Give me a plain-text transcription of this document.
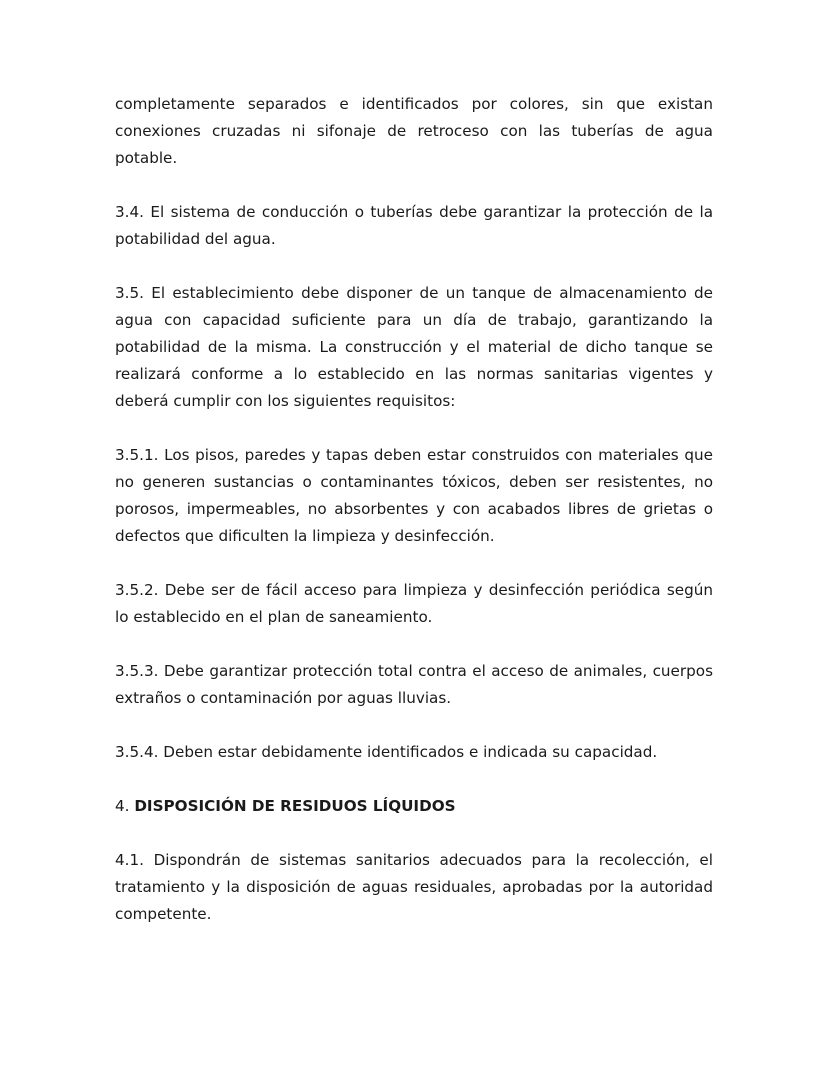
completamente separados e identificados por colores, sin que existan conexiones cruzadas ni sifonaje de retroceso con las tuberías de agua potable.

3.4. El sistema de conducción o tuberías debe garantizar la protección de la potabilidad del agua.

3.5. El establecimiento debe disponer de un tanque de almacenamiento de agua con capacidad suficiente para un día de trabajo, garantizando la potabilidad de la misma. La construcción y el material de dicho tanque se realizará conforme a lo establecido en las normas sanitarias vigentes y deberá cumplir con los siguientes requisitos:

3.5.1. Los pisos, paredes y tapas deben estar construidos con materiales que no generen sustancias o contaminantes tóxicos, deben ser resistentes, no porosos, impermeables, no absorbentes y con acabados libres de grietas o defectos que dificulten la limpieza y desinfección.

3.5.2. Debe ser de fácil acceso para limpieza y desinfección periódica según lo establecido en el plan de saneamiento.

3.5.3. Debe garantizar protección total contra el acceso de animales, cuerpos extraños o contaminación por aguas lluvias.

3.5.4. Deben estar debidamente identificados e indicada su capacidad.

4. DISPOSICIÓN DE RESIDUOS LÍQUIDOS

4.1. Dispondrán de sistemas sanitarios adecuados para la recolección, el tratamiento y la disposición de aguas residuales, aprobadas por la autoridad competente.
